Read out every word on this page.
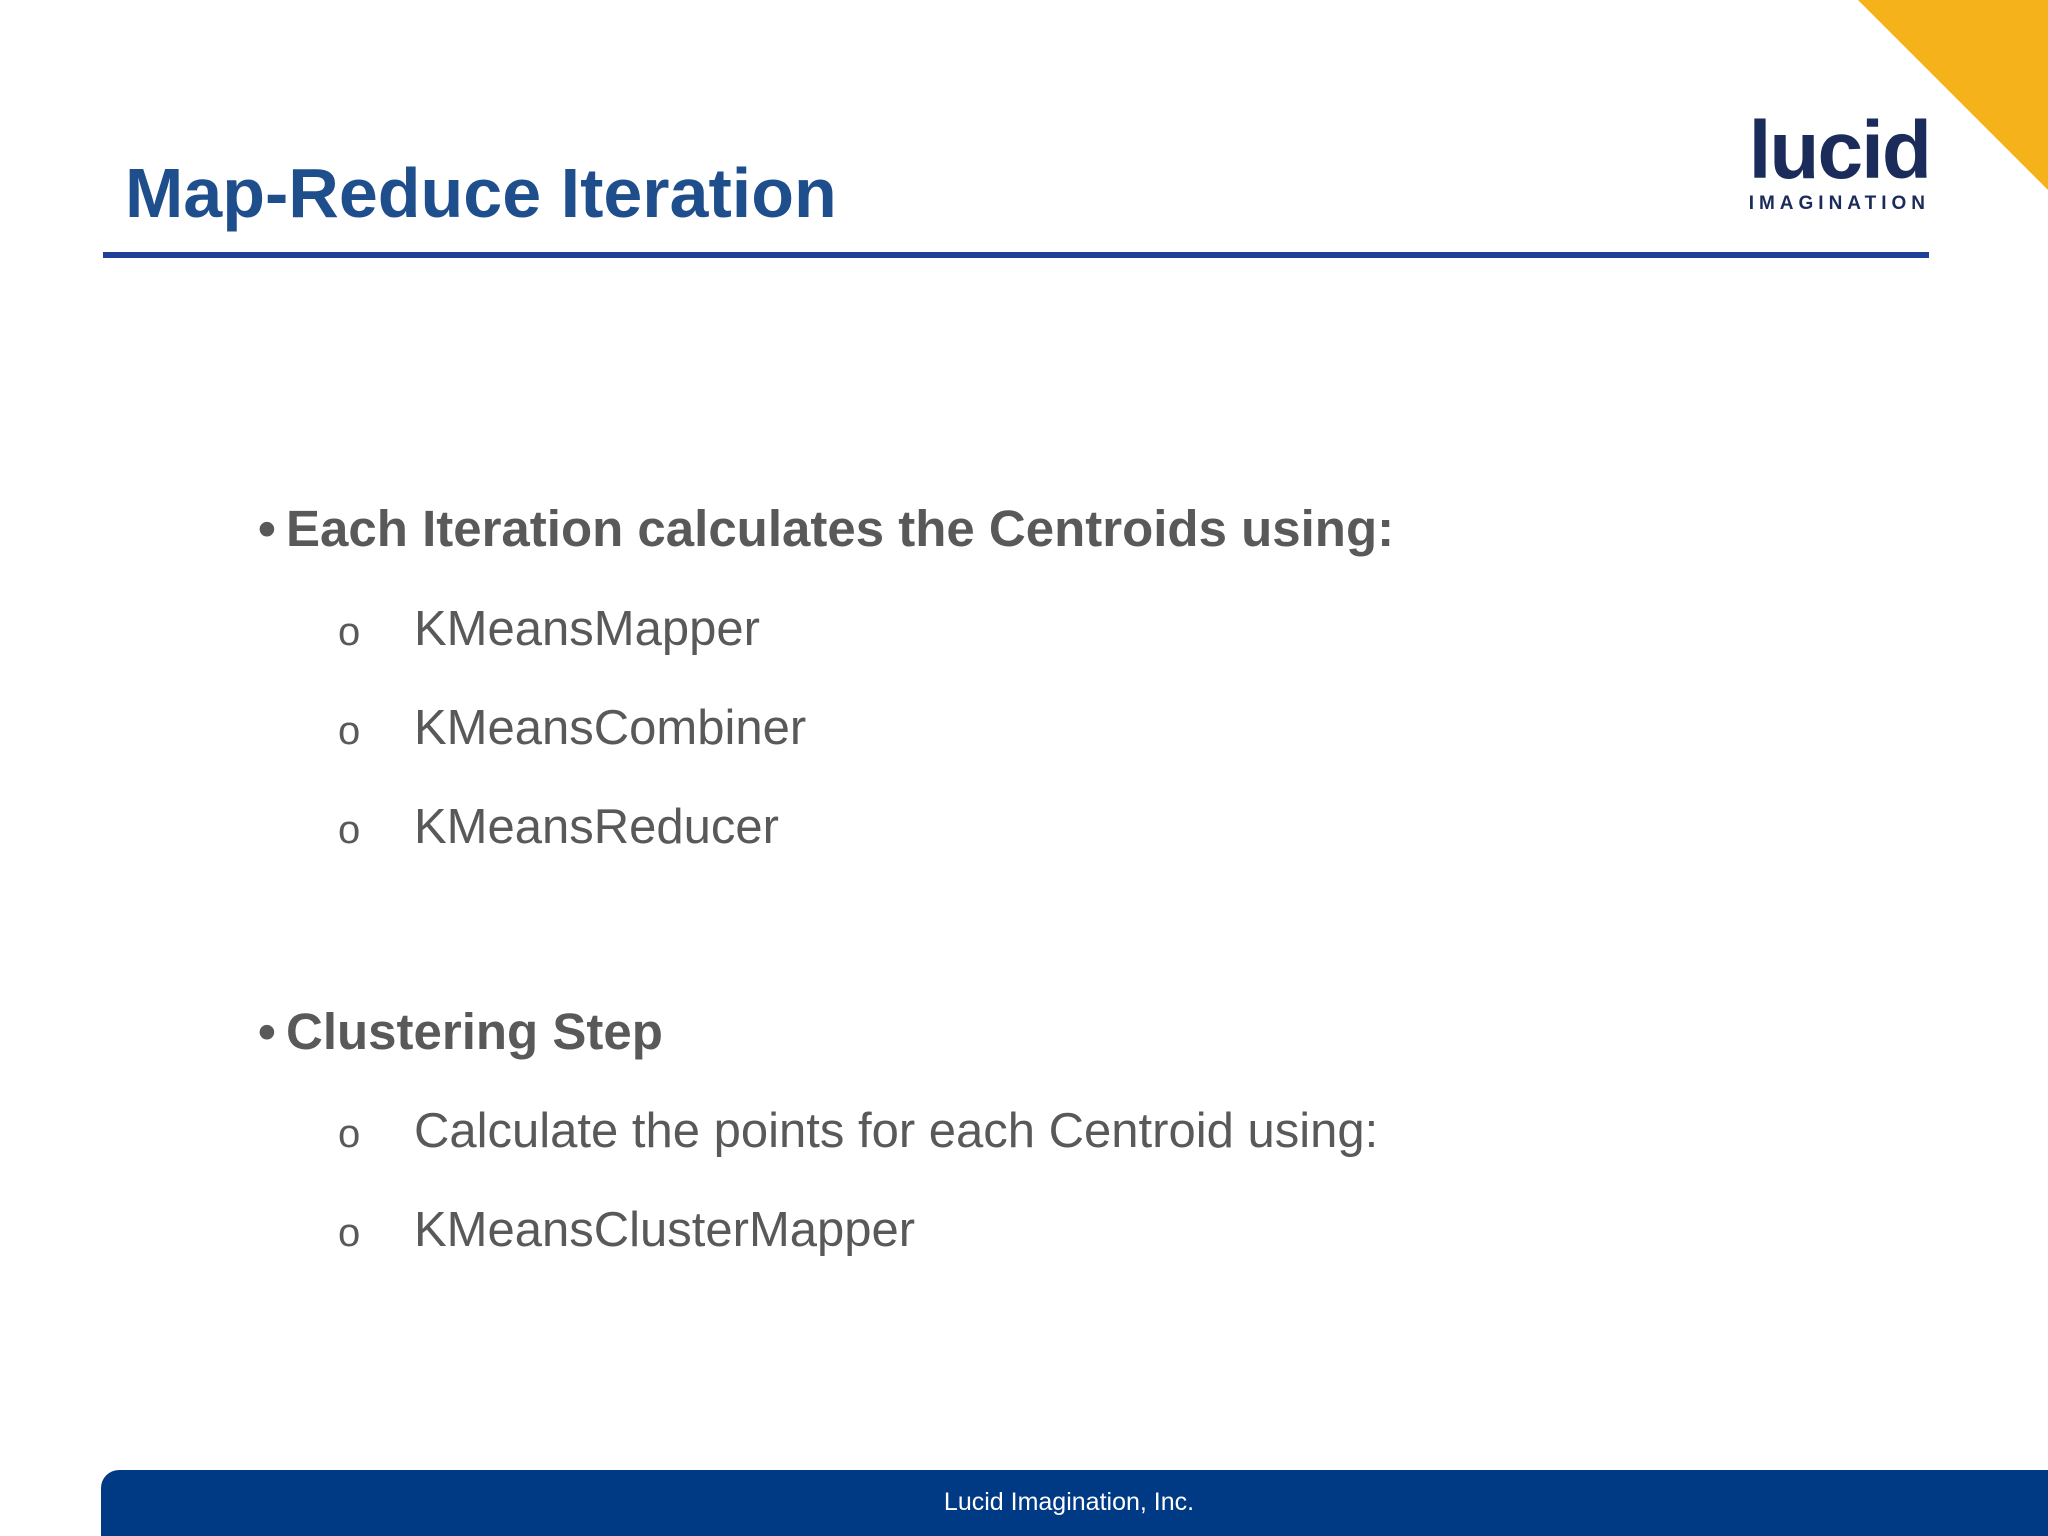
Map-Reduce Iteration	lucid
IMAGINATION
• Each Iteration calculates the Centroids using:
o KMeansMapper
o KMeansCombiner
o KMeansReducer
• Clustering Step
o Calculate the points for each Centroid using:
o KMeansClusterMapper
Lucid Imagination, Inc.
